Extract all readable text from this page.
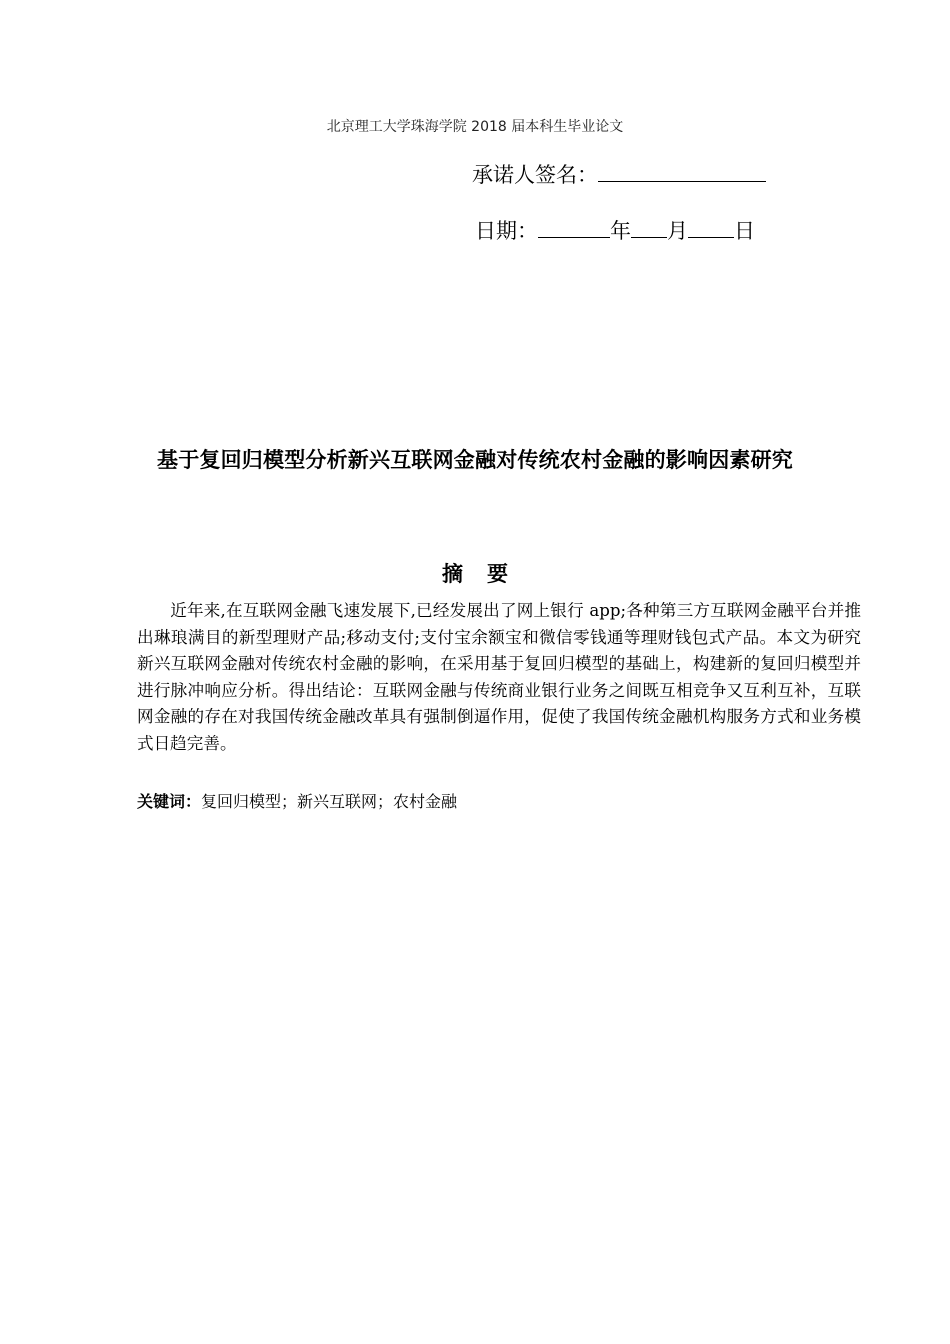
北京理工大学珠海学院 2018 届本科生毕业论文
承诺人签名：
日期：	年 月 日
基于复回归模型分析新兴互联网金融对传统农村金融的影响因素研究
摘 要
近年来,在互联网金融飞速发展下,已经发展出了网上银行 app;各种第三方互联网金融平台并推出琳琅满目的新型理财产品;移动支付;支付宝余额宝和微信零钱通等理财钱包式产品。本文为研究新兴互联网金融对传统农村金融的影响，在采用基于复回归模型的基础上，构建新的复回归模型并进行脉冲响应分析。得出结论：互联网金融与传统商业银行业务之间既互相竞争又互利互补，互联网金融的存在对我国传统金融改革具有强制倒逼作用，促使了我国传统金融机构服务方式和业务模式日趋完善。
关键词：复回归模型；新兴互联网；农村金融
